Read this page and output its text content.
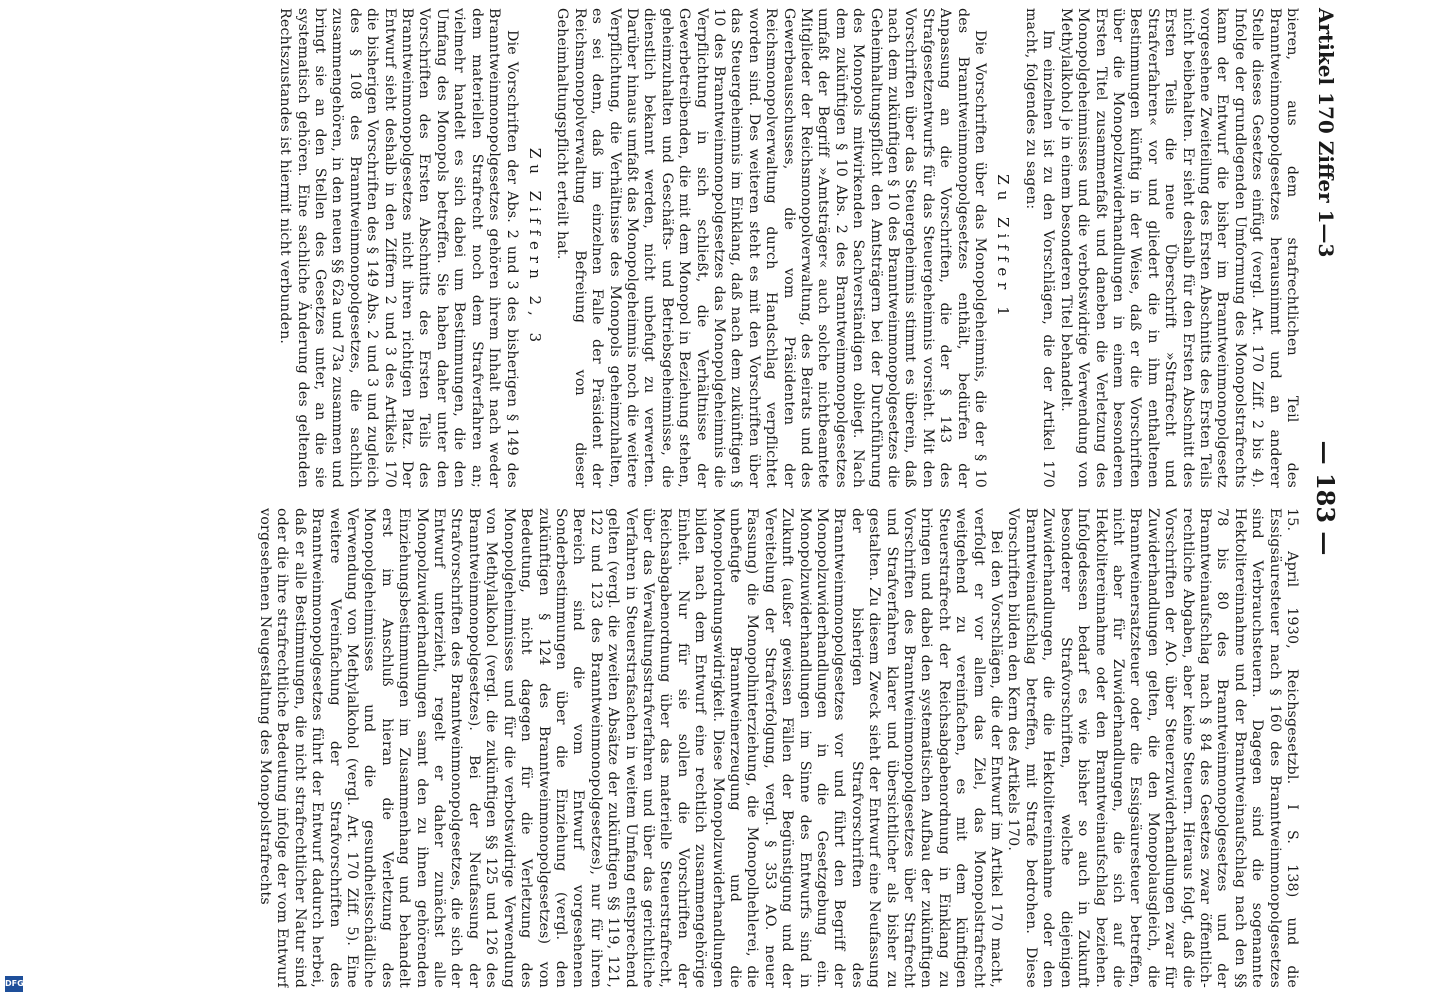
Artikel 170 Ziffer 1—3
— 183 —

bieren, aus dem strafrechtlichen Teil des Branntweinmonopolgesetzes herausnimmt und an anderer Stelle dieses Gesetzes einfügt (vergl. Art. 170 Ziff. 2 bis 4). Infolge der grundlegenden Umformung des Monopolstrafrechts kann der Entwurf die bisher im Branntweinmonopolgesetz vorgesehene Zweiteilung des Ersten Abschnitts des Ersten Teils nicht beibehalten. Er sieht deshalb für den Ersten Abschnitt des Ersten Teils die neue Überschrift »Strafrecht und Strafverfahren« vor und gliedert die in ihm enthaltenen Bestimmungen künftig in der Weise, daß er die Vorschriften über die Monopolzuwiderhandlungen in einem besonderen Ersten Titel zusammenfaßt und daneben die Verletzung des Monopolgeheimnisses und die verbotswidrige Verwendung von Methylalkohol je in einem besonderen Titel behandelt.

Im einzelnen ist zu den Vorschlägen, die der Artikel 170 macht, folgendes zu sagen:

Zu Ziffer 1

Die Vorschriften über das Monopolgeheimnis, die der § 10 des Branntweinmonopolgesetzes enthält, bedürfen der Anpassung an die Vorschriften, die der § 143 des Strafgesetzentwurfs für das Steuergeheimnis vorsieht. Mit den Vorschriften über das Steuergeheimnis stimmt es überein, daß nach dem zukünftigen § 10 des Branntweinmonopolgesetzes die Geheimhaltungspflicht den Amtsträgern bei der Durchführung des Monopols mitwirkenden Sachverständigen obliegt. Nach dem zukünftigen § 10 Abs. 2 des Branntweinmonopolgesetzes umfaßt der Begriff »Amtsträger« auch solche nichtbeamtete Mitglieder der Reichsmonopolverwaltung, des Beirats und des Gewerbeausschusses, die vom Präsidenten der Reichsmonopolverwaltung durch Handschlag verpflichtet worden sind. Des weiteren steht es mit den Vorschriften über das Steuergeheimnis im Einklang, daß nach dem zukünftigen § 10 des Branntweinmonopolgesetzes das Monopolgeheimnis die Verpflichtung in sich schließt, die Verhältnisse der Gewerbetreibenden, die mit dem Monopol in Beziehung stehen, geheimzuhalten und Geschäfts- und Betriebsgeheimnisse, die dienstlich bekannt werden, nicht unbefugt zu verwerten. Darüber hinaus umfaßt das Monopolgeheimnis noch die weitere Verpflichtung, die Verhältnisse des Monopols geheimzuhalten, es sei denn, daß im einzelnen Falle der Präsident der Reichsmonopolverwaltung Befreiung von dieser Geheimhaltungspflicht erteilt hat.

Zu Ziffern 2, 3

Die Vorschriften der Abs. 2 und 3 des bisherigen § 149 des Branntweinmonopolgesetzes gehören ihrem Inhalt nach weder dem materiellen Strafrecht noch dem Strafverfahren an; vielmehr handelt es sich dabei um Bestimmungen, die den Umfang des Monopols betreffen. Sie haben daher unter den Vorschriften des Ersten Abschnitts des Ersten Teils des Branntweinmonopolgesetzes nicht ihren richtigen Platz. Der Entwurf sieht deshalb in den Ziffern 2 und 3 des Artikels 170 die bisherigen Vorschriften des § 149 Abs. 2 und 3 und zugleich des § 108 des Branntweinmonopolgesetzes, die sachlich zusammengehören, in den neuen §§ 62a und 73a zusammen und bringt sie an den Stellen des Gesetzes unter, an die sie systematisch gehören. Eine sachliche Änderung des geltenden Rechtszustandes ist hiermit nicht verbunden.

15. April 1930, Reichsgesetzbl. I S. 138) und die Essigsäuresteuer nach § 160 des Branntweinmonopolgesetzes sind Verbrauchsteuern. Dagegen sind die sogenannte Hektolitereinnahme und der Branntweinaufschlag nach den §§ 78 bis 80 des Branntweinmonopolgesetzes und der Branntweinaufschlag nach § 84 des Gesetzes zwar öffentlich-rechtliche Abgaben, aber keine Steuern. Hieraus folgt, daß die Vorschriften der AO. über Steuerzuwiderhandlungen zwar für Zuwiderhandlungen gelten, die den Monopolausgleich, die Branntweinersatzsteuer oder die Essigsäuresteuer betreffen, nicht aber für Zuwiderhandlungen, die sich auf die Hektolitereinnahme oder den Branntweinaufschlag beziehen. Infolgedessen bedarf es wie bisher so auch in Zukunft besonderer Strafvorschriften, welche diejenigen Zuwiderhandlungen, die die Hektolitereinnahme oder den Branntweinaufschlag betreffen, mit Strafe bedrohen. Diese Vorschriften bilden den Kern des Artikels 170.

Bei den Vorschlägen, die der Entwurf im Artikel 170 macht, verfolgt er vor allem das Ziel, das Monopolstrafrecht weitgehend zu vereinfachen, es mit dem künftigen Steuerstrafrecht der Reichsabgabenordnung in Einklang zu bringen und dabei den systematischen Aufbau der zukünftigen Vorschriften des Branntweinmonopolgesetzes über Strafrecht und Strafverfahren klarer und übersichtlicher als bisher zu gestalten. Zu diesem Zweck sieht der Entwurf eine Neufassung der bisherigen Strafvorschriften des Branntweinmonopolgesetzes vor und führt den Begriff der Monopolzuwiderhandlungen in die Gesetzgebung ein. Monopolzuwiderhandlungen im Sinne des Entwurfs sind in Zukunft (außer gewissen Fällen der Begünstigung und der Vereitelung der Strafverfolgung, vergl. § 353 AO. neuer Fassung) die Monopolhinterziehung, die Monopolhehlerei, die unbefugte Branntweinerzeugung und die Monopolordnungswidrigkeit. Diese Monopolzuwiderhandlungen bilden nach dem Entwurf eine rechtlich zusammengehörige Einheit. Nur für sie sollen die Vorschriften der Reichsabgabenordnung über das materielle Steuerstrafrecht, über das Verwaltungsstrafverfahren und über das gerichtliche Verfahren in Steuerstrafsachen in weitem Umfang entsprechend gelten (vergl. die zweiten Absätze der zukünftigen §§ 119, 121, 122 und 123 des Branntweinmonopolgesetzes), nur für ihren Bereich sind die vom Entwurf vorgesehenen Sonderbestimmungen über die Einziehung (vergl. den zukünftigen § 124 des Branntweinmonopolgesetzes) von Bedeutung, nicht dagegen für die Verletzung des Monopolgeheimnisses und für die verbotswidrige Verwendung von Methylalkohol (vergl. die zukünftigen §§ 125 und 126 des Branntweinmonopolgesetzes). Bei der Neufassung der Strafvorschriften des Branntweinmonopolgesetzes, die sich der Entwurf unterzieht, regelt er daher zunächst alle Monopolzuwiderhandlungen samt den zu ihnen gehörenden Einziehungsbestimmungen im Zusammenhang und behandelt erst im Anschluß hieran die Verletzung des Monopolgeheimnisses und die gesundheitsschädliche Verwendung von Methylalkohol (vergl. Art. 170 Ziff. 5). Eine weitere Vereinfachung der Strafvorschriften des Branntweinmonopolgesetzes führt der Entwurf dadurch herbei, daß er alle Bestimmungen, die nicht strafrechtlicher Natur sind oder die ihre strafrechtliche Bedeutung infolge der vom Entwurf vorgesehenen Neugestaltung des Monopolstrafrechts

DFG
